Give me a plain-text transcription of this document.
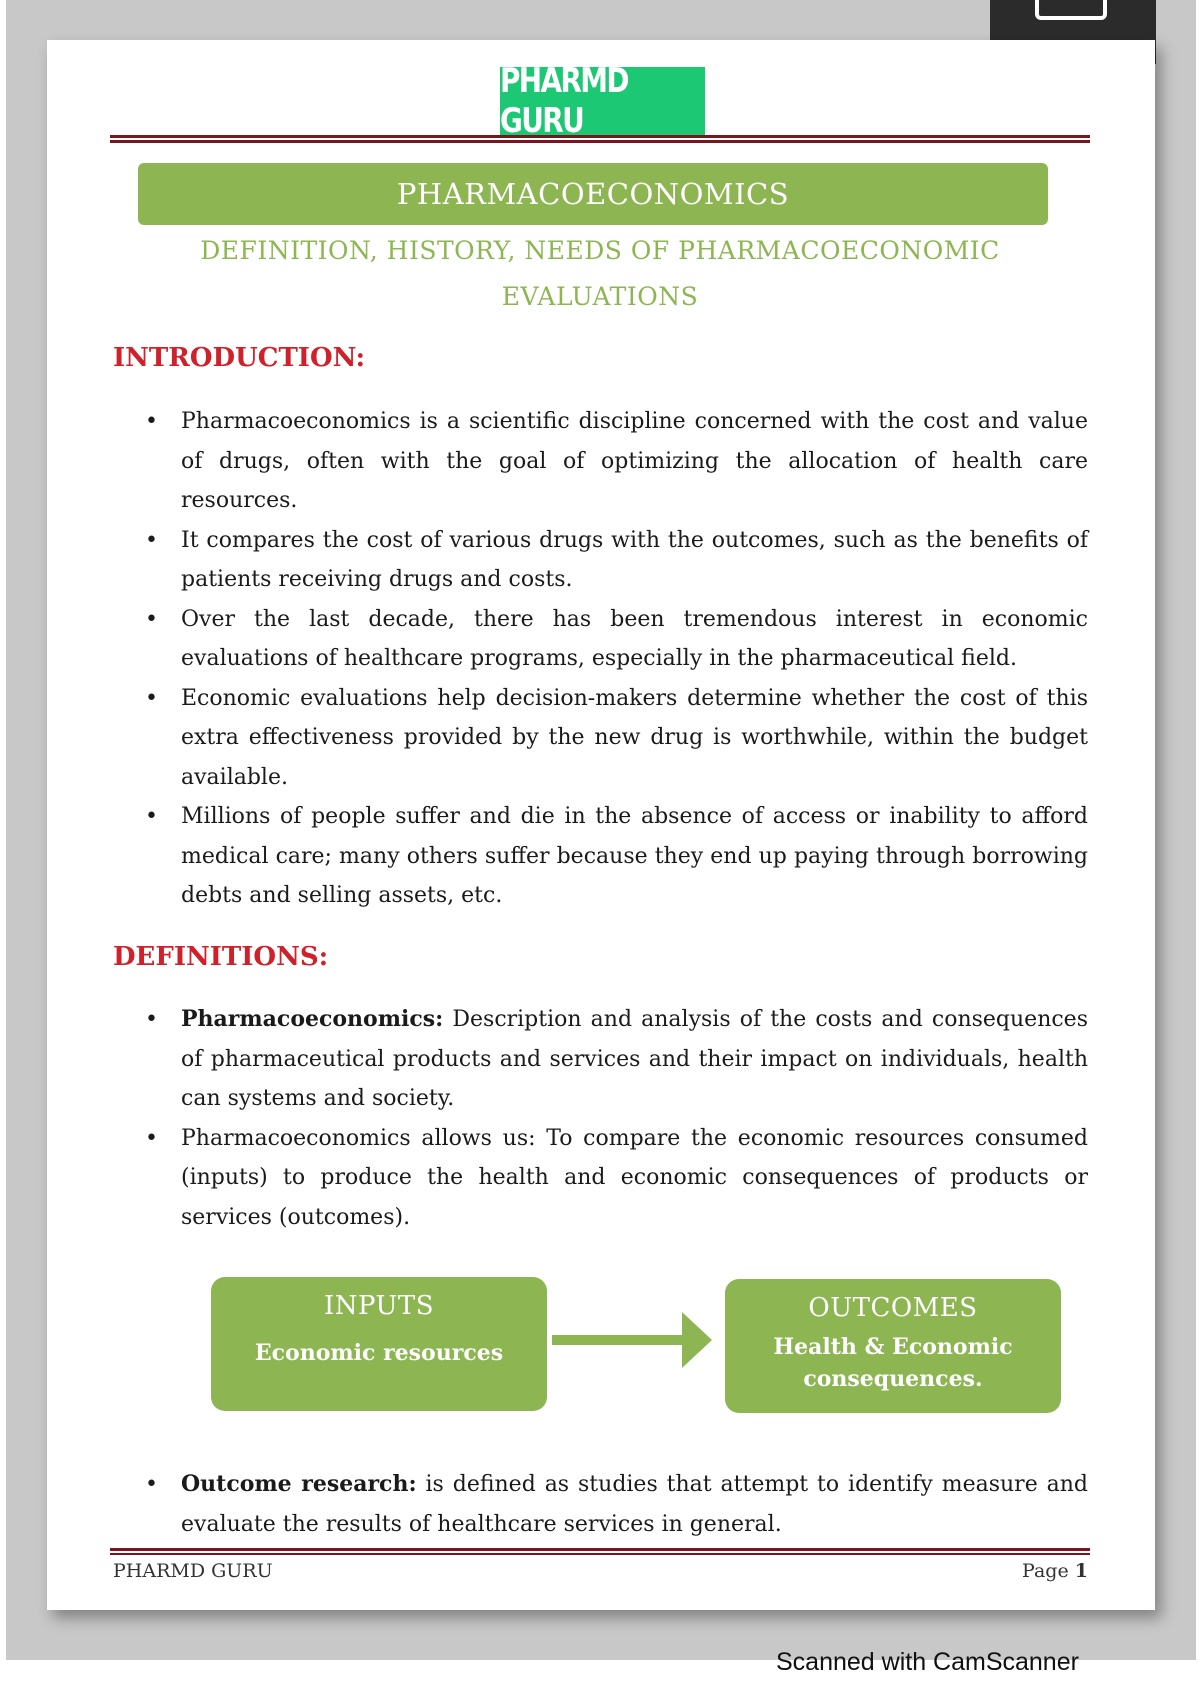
PHARMD GURU
PHARMACOECONOMICS
DEFINITION, HISTORY, NEEDS OF PHARMACOECONOMIC
EVALUATIONS
INTRODUCTION:
• Pharmacoeconomics is a scientific discipline concerned with the cost and value of drugs, often with the goal of optimizing the allocation of health care resources.
• It compares the cost of various drugs with the outcomes, such as the benefits of patients receiving drugs and costs.
• Over the last decade, there has been tremendous interest in economic evaluations of healthcare programs, especially in the pharmaceutical field.
• Economic evaluations help decision-makers determine whether the cost of this extra effectiveness provided by the new drug is worthwhile, within the budget available.
• Millions of people suffer and die in the absence of access or inability to afford medical care; many others suffer because they end up paying through borrowing debts and selling assets, etc.
DEFINITIONS:
• Pharmacoeconomics: Description and analysis of the costs and consequences of pharmaceutical products and services and their impact on individuals, health can systems and society.
• Pharmacoeconomics allows us: To compare the economic resources consumed (inputs) to produce the health and economic consequences of products or services (outcomes).
INPUTS
Economic resources
OUTCOMES
Health & Economic
consequences.
• Outcome research: is defined as studies that attempt to identify measure and evaluate the results of healthcare services in general.
PHARMD GURU	Page 1
Scanned with CamScanner
